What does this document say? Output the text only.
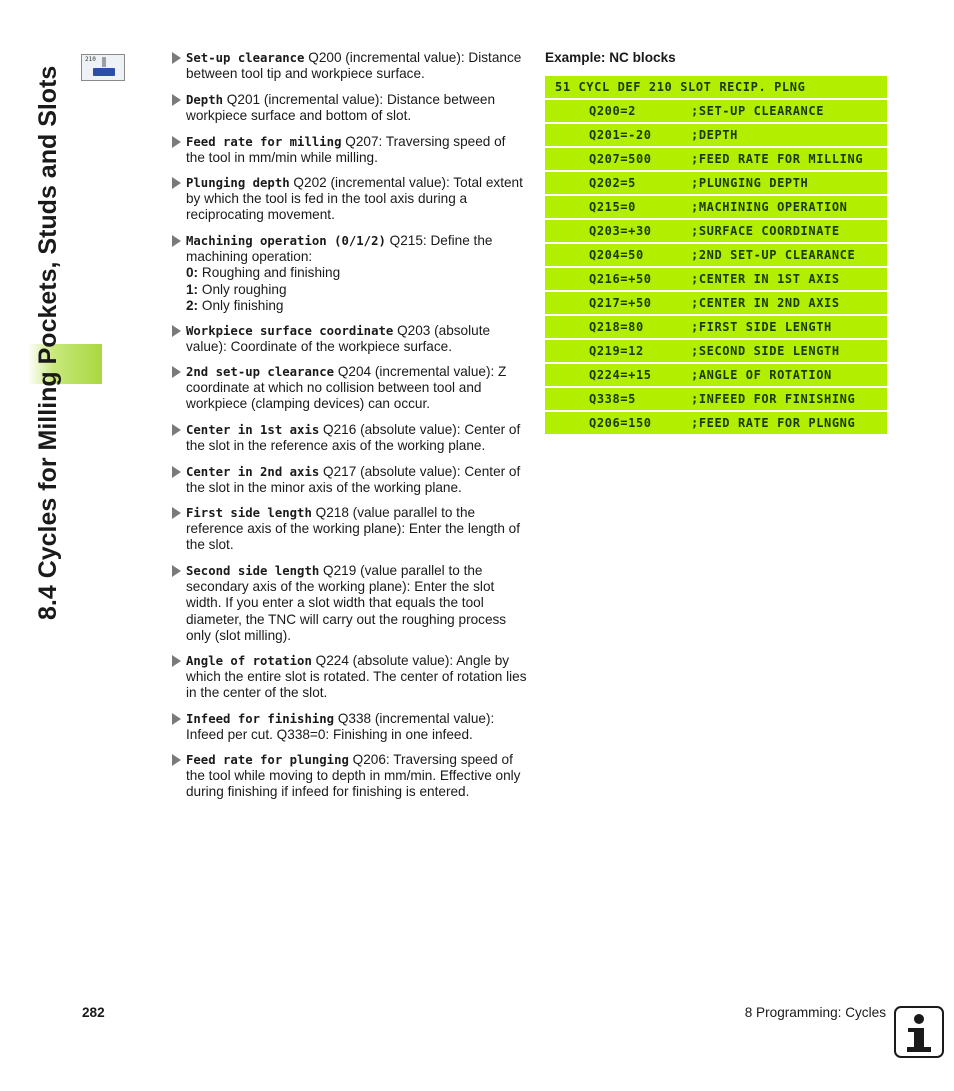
8.4 Cycles for Milling Pockets, Studs and Slots
210	Set-up clearance Q200 (incremental value): Distance between tool tip and workpiece surface.
Depth Q201 (incremental value): Distance between workpiece surface and bottom of slot.
Feed rate for milling Q207: Traversing speed of the tool in mm/min while milling.
Plunging depth Q202 (incremental value): Total extent by which the tool is fed in the tool axis during a reciprocating movement.
Machining operation (0/1/2) Q215: Define the machining operation:
0: Roughing and finishing
1: Only roughing
2: Only finishing
Workpiece surface coordinate Q203 (absolute value): Coordinate of the workpiece surface.
2nd set-up clearance Q204 (incremental value): Z coordinate at which no collision between tool and workpiece (clamping devices) can occur.
Center in 1st axis Q216 (absolute value): Center of the slot in the reference axis of the working plane.
Center in 2nd axis Q217 (absolute value): Center of the slot in the minor axis of the working plane.
First side length Q218 (value parallel to the reference axis of the working plane): Enter the length of the slot.
Second side length Q219 (value parallel to the secondary axis of the working plane): Enter the slot width. If you enter a slot width that equals the tool diameter, the TNC will carry out the roughing process only (slot milling).
Angle of rotation Q224 (absolute value): Angle by which the entire slot is rotated. The center of rotation lies in the center of the slot.
Infeed for finishing Q338 (incremental value): Infeed per cut. Q338=0: Finishing in one infeed.
Feed rate for plunging Q206: Traversing speed of the tool while moving to depth in mm/min. Effective only during finishing if infeed for finishing is entered.
Example: NC blocks
51 CYCL DEF 210 SLOT RECIP. PLNG
Q200=2	;SET-UP CLEARANCE
Q201=-20	;DEPTH
Q207=500	;FEED RATE FOR MILLING
Q202=5	;PLUNGING DEPTH
Q215=0	;MACHINING OPERATION
Q203=+30	;SURFACE COORDINATE
Q204=50	;2ND SET-UP CLEARANCE
Q216=+50	;CENTER IN 1ST AXIS
Q217=+50	;CENTER IN 2ND AXIS
Q218=80	;FIRST SIDE LENGTH
Q219=12	;SECOND SIDE LENGTH
Q224=+15	;ANGLE OF ROTATION
Q338=5	;INFEED FOR FINISHING
Q206=150	;FEED RATE FOR PLNGNG
282	8 Programming: Cycles
